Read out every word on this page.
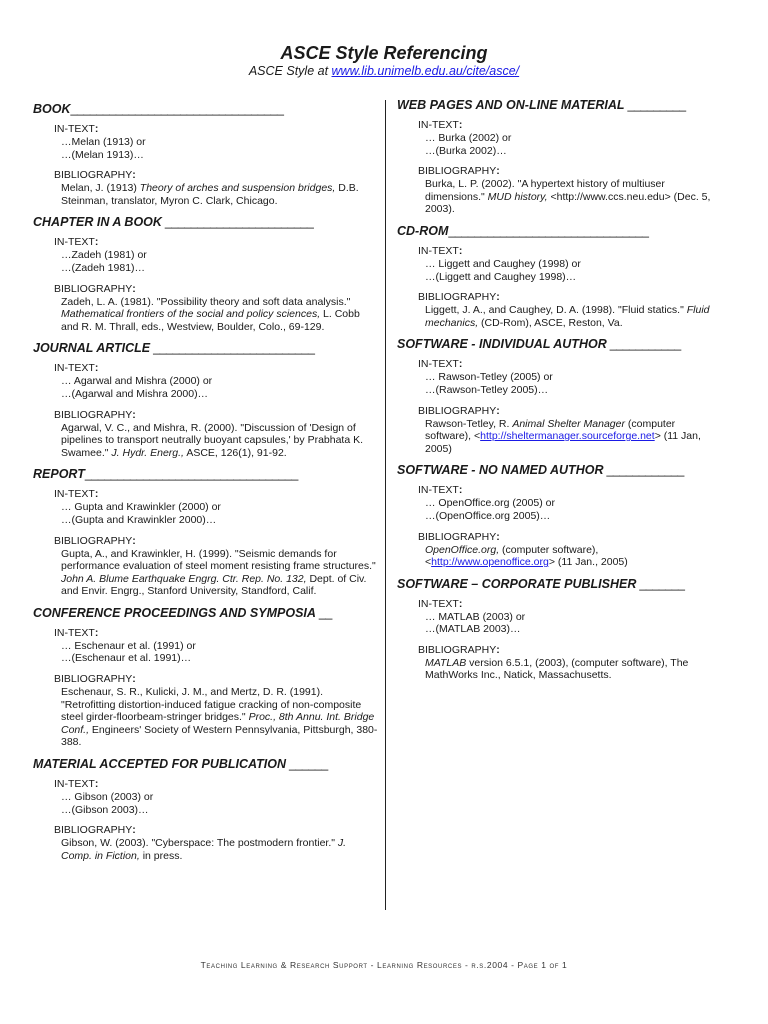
ASCE Style Referencing
ASCE Style at www.lib.unimelb.edu.au/cite/asce/
BOOK_________________________________
IN-TEXT:
…Melan (1913) or
…(Melan 1913)…
BIBLIOGRAPHY:
Melan, J. (1913) Theory of arches and suspension bridges, D.B. Steinman, translator, Myron C. Clark, Chicago.
CHAPTER IN A BOOK _______________________
IN-TEXT:
…Zadeh (1981) or
…(Zadeh 1981)…
BIBLIOGRAPHY:
Zadeh, L. A. (1981). "Possibility theory and soft data analysis." Mathematical frontiers of the social and policy sciences, L. Cobb and R. M. Thrall, eds., Westview, Boulder, Colo., 69-129.
JOURNAL ARTICLE _________________________
IN-TEXT:
… Agarwal and Mishra (2000) or
…(Agarwal and Mishra 2000)…
BIBLIOGRAPHY:
Agarwal, V. C., and Mishra, R. (2000). "Discussion of 'Design of pipelines to transport neutrally buoyant capsules,' by Prabhata K. Swamee." J. Hydr. Energ., ASCE, 126(1), 91-92.
REPORT_________________________________
IN-TEXT:
… Gupta and Krawinkler (2000) or
…(Gupta and Krawinkler 2000)…
BIBLIOGRAPHY:
Gupta, A., and Krawinkler, H. (1999). "Seismic demands for performance evaluation of steel moment resisting frame structures." John A. Blume Earthquake Engrg. Ctr. Rep. No. 132, Dept. of Civ. and Envir. Engrg., Stanford University, Standford, Calif.
CONFERENCE PROCEEDINGS AND SYMPOSIA __
IN-TEXT:
… Eschenaur et al. (1991) or
…(Eschenaur et al. 1991)…
BIBLIOGRAPHY:
Eschenaur, S. R., Kulicki, J. M., and Mertz, D. R. (1991). "Retrofitting distortion-induced fatigue cracking of non-composite steel girder-floorbeam-stringer bridges." Proc., 8th Annu. Int. Bridge Conf., Engineers' Society of Western Pennsylvania, Pittsburgh, 380-388.
MATERIAL ACCEPTED FOR PUBLICATION ______
IN-TEXT:
… Gibson (2003) or
…(Gibson 2003)…
BIBLIOGRAPHY:
Gibson, W. (2003). "Cyberspace: The postmodern frontier." J. Comp. in Fiction, in press.
WEB PAGES AND ON-LINE MATERIAL _________
IN-TEXT:
… Burka (2002) or
…(Burka 2002)…
BIBLIOGRAPHY:
Burka, L. P. (2002). "A hypertext history of multiuser dimensions." MUD history, <http://www.ccs.neu.edu> (Dec. 5, 2003).
CD-ROM_______________________________
IN-TEXT:
… Liggett and Caughey (1998) or
…(Liggett and Caughey 1998)…
BIBLIOGRAPHY:
Liggett, J. A., and Caughey, D. A. (1998). "Fluid statics." Fluid mechanics, (CD-Rom), ASCE, Reston, Va.
SOFTWARE - INDIVIDUAL AUTHOR ___________
IN-TEXT:
… Rawson-Tetley (2005) or
…(Rawson-Tetley 2005)…
BIBLIOGRAPHY:
Rawson-Tetley, R. Animal Shelter Manager (computer software), <http://sheltermanager.sourceforge.net> (11 Jan, 2005)
SOFTWARE - NO NAMED AUTHOR ____________
IN-TEXT:
… OpenOffice.org (2005) or
…(OpenOffice.org 2005)…
BIBLIOGRAPHY:
OpenOffice.org, (computer software), <http://www.openoffice.org> (11 Jan., 2005)
SOFTWARE – CORPORATE PUBLISHER _______
IN-TEXT:
… MATLAB (2003) or
…(MATLAB 2003)…
BIBLIOGRAPHY:
MATLAB version 6.5.1, (2003), (computer software), The MathWorks Inc., Natick, Massachusetts.
Teaching Learning & Research Support - Learning Resources - r.s.2004 - Page 1 of 1
